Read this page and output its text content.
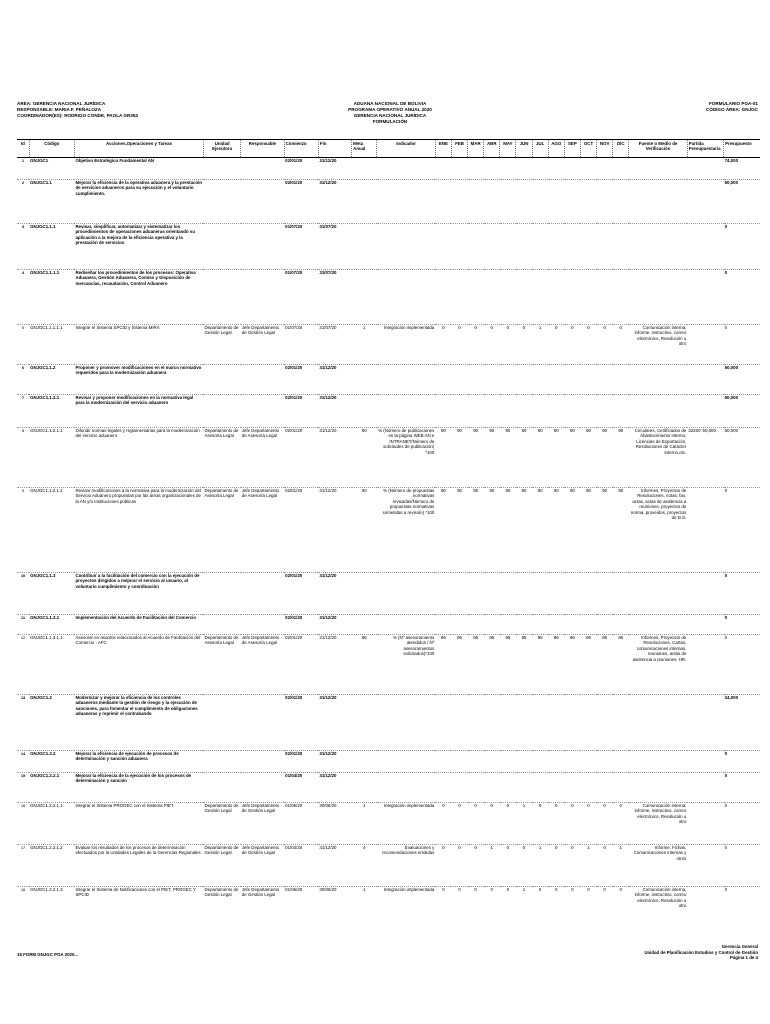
ÁREA: GERENCIA NACIONAL JURÍDICA
RESPONSABLE: MARIA F. PEÑALOZA
COORDINADOR(ES): RODRIGO CONDE, PAOLA GR353
ADUANA NACIONAL DE BOLIVIA
PROGRAMA OPERATIVO ANUAL 2020
GERENCIA NACIONAL JURÍDICA
FORMULACIÓN
FORMULARIO POA-01
CÓDIGO ÁREA: GNJGC
Id	Código	Acciones,Operaciones y Tareas	Unidad Ejecutora	Responsable	Comienzo	Fin	Meta Anual	Indicador	ENE	FEB	MAR	ABR	MAY	JUN	JUL	AGO	SEP	OCT	NOV	DIC	Fuente o Medio de Verificación	Partida Presupuestaria	Presupuesto
1	GNJGC1	Objetivo Estratégico Fundamental AN			02/01/20	31/12/20																	74,000
2	GNJGC1.1	Mejorar la eficiencia de la operativa aduanera y la prestación de servicios aduaneros para su ejecución y el voluntario cumplimiento.			02/01/20	31/12/20																	50,000
3	GNJGC1.1.1	Revisar, simplificar, automatizar y sistematizar los procedimientos de operaciones aduaneras orientando su aplicación a la mejora de la eficiencia operativa y la prestación de servicios			01/07/20	31/07/20																	0
4	GNJGC1.1.1.1	Rediseñar los procedimientos de los procesos: Operativa Aduanera, Gestión Aduanera, Comiso y Disposición de mercancías, recaudación, Control Aduanero			01/07/20	31/07/20																	0
5	GNJGC1.1.1.1.1	Integrar el Sistema SPCID y Sistema MIRA	Departamento de Gestión Legal	Jefe Departamento de Gestión Legal	01/07/20	31/07/20	1	Integración implementada	0	0	0	0	0	0	1	0	0	0	0	0	Comunicación interna, informe, instructivo, correo electrónico, Resolución u otro		0
6	GNJGC1.1.2	Proponer y promover modificaciones en el marco normativo requeridos para la modernización aduanera			02/01/20	31/12/20																	50,000
7	GNJGC1.1.2.1	Revisar y proponer modificaciones en la normativa legal para la modernización del servicio aduanero			02/01/20	31/12/20																	50,000
8	GNJGC1.1.2.1.1	Difundir normas legales y reglamentarias para la modernización del servicio aduanero	Departamento de Asesoría Legal	Jefe Departamento de Asesoría Legal	02/01/20	31/12/20	90	% (Número de publicaciones en la página WEB AN e INTRANET/Número de solicitudes de publicación) *100	90	90	90	90	90	90	90	90	90	90	90	90	Circulares, Certificados de Abastecimiento Interno, Licencias de Exportación, Resoluciones de Carácter Interno,etc.	32200 50,000	50,000
9	GNJGC1.1.2.1.2	Revisar modificaciones a la normativa para la modernización del Servicio Aduanero propuestas por las áreas organizacionales de la AN y/o Instituciones públicas	Departamento de Asesoría Legal	Jefe Departamento de Asesoría Legal	02/01/20	31/12/20	90	% (Número de propuestas normativas revisadas/Número de propuestas normativas sometidas a revisión) *100	90	90	90	90	90	90	90	90	90	90	90	90	Informes, Proyectos de Resoluciones, notas, fax, actas, actas de asistencia a reuniones, proyectos de norma, proveidos, proyectos de D.S.		0
10	GNJGC1.1.3	Contribuir a la facilitación del comercio con la ejecución de proyectos dirigidos a mejorar el servicio al usuario, al voluntario cumplimiento y coordinación			02/01/20	31/12/20																	0
11	GNJGC1.1.3.1	Implementación del Acuerdo de Facilitación del Comercio			02/01/20	31/12/20																	0
12	GNJGC1.1.3.1.1	Asesorar en asuntos relacionados al Acuerdo de Facilitación del Comercio - AFC	Departamento de Asesoría Legal	Jefe Departamento de Asesoría Legal	02/01/20	31/12/20	85	% (Nº asesoramiento atendidos / Nº asesoramientos solicitados)*100	85	85	85	85	85	85	85	85	85	85	85	85	Informes, Proyectos de Resoluciones, Cartas, comunicaciones internas, reuniones, actas de asistencia a reuniones, HR.		0
13	GNJGC1.2	Modernizar y mejorar la eficiencia de los controles aduaneros mediante la gestión de riesgo y la ejecución de sanciones, para fomentar el cumplimiento de obligaciones aduaneras y reprimir el contrabando			02/01/20	31/12/20																	24,000
14	GNJGC1.2.2	Mejorar la eficiencia de ejecución de procesos de determinación y sanción aduanera			02/01/20	31/12/20																	0
15	GNJGC1.2.2.1	Mejorar la eficiencia de la ejecución de los procesos de determinación y sanción			01/04/20	31/12/20																	0
16	GNJGC1.2.2.1.1	Integrar el Sistema PROGEC con el Sistema PIET	Departamento de Gestión Legal	Jefe Departamento de Gestión Legal	01/06/20	30/06/20	1	Integración implementada	0	0	0	0	0	1	0	0	0	0	0	0	Comunicación interna, informe, instructivo, correo electrónico, Resolución u otro		0
17	GNJGC1.2.2.1.2	Evaluar los resultados de los procesos de determinación efectuados por la Unidades Legales de la Gerencias Regionales	Departamento de Gestión Legal	Jefe Departamento de Gestión Legal	01/04/20	31/12/20	4	Evaluaciones y recomendaciones emitidas	0	0	0	1	0	0	1	0	0	1	0	1	Informe, Fichas, Comunicaciones internas y otros		0
18	GNJGC1.2.2.1.3	Integrar el Sistema de Notificaciones con el PIET, PROGEC Y SPCID	Departamento de Gestión Legal	Jefe Departamento de Gestión Legal	01/06/20	30/06/20	1	Integración implementada	0	0	0	0	0	1	0	0	0	0	0	0	Comunicación interna, informe, instructivo, correo electrónico, Resolución u otro		0
15 FORM GNJGC POA 2020...
Gerencia General
Unidad de Planificación Estudios y Control de Gestión
Página 1 de 4
